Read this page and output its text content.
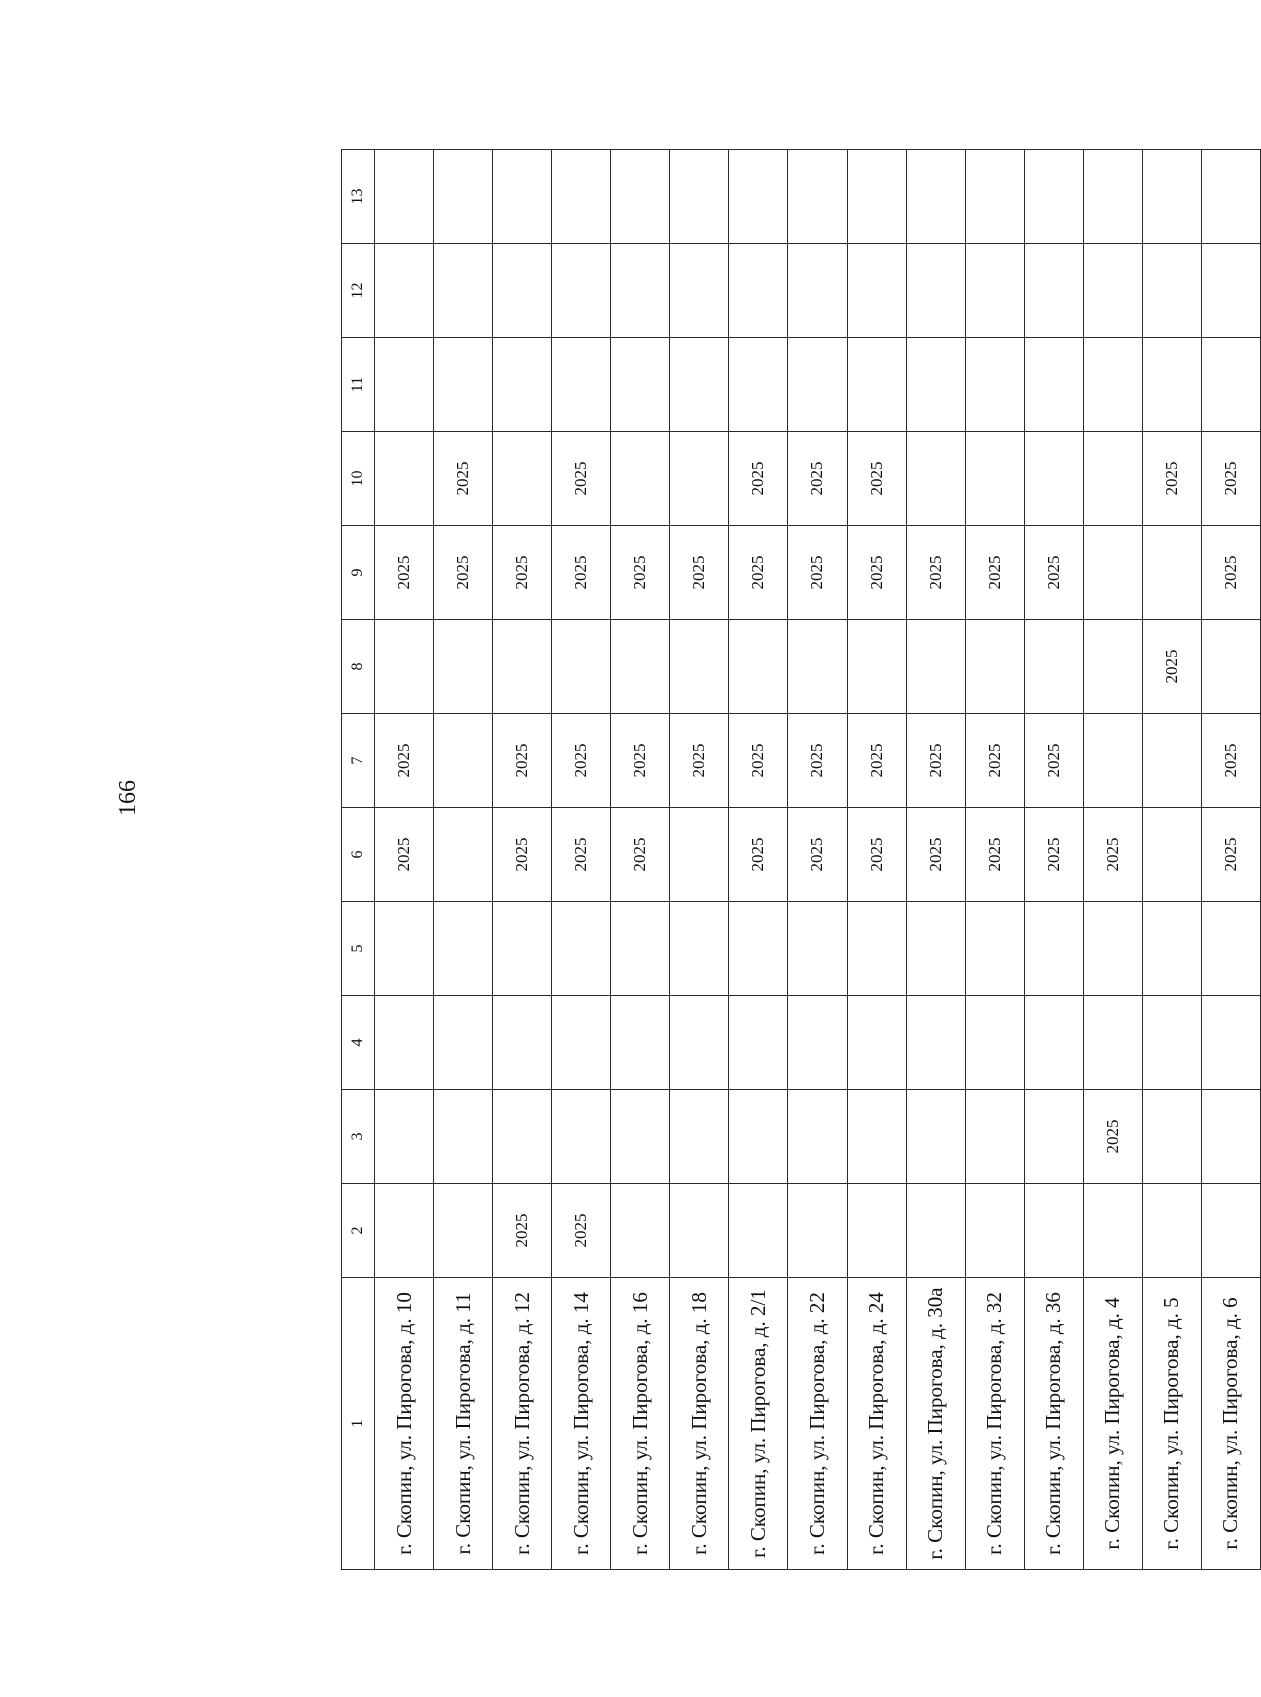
166
1	2	3	4	5	6	7	8	9	10	11	12	13
г. Скопин, ул. Пирогова, д. 10					2025	2025		2025				
г. Скопин, ул. Пирогова, д. 11								2025	2025			
г. Скопин, ул. Пирогова, д. 12	2025				2025	2025		2025				
г. Скопин, ул. Пирогова, д. 14	2025				2025	2025		2025	2025			
г. Скопин, ул. Пирогова, д. 16					2025	2025		2025				
г. Скопин, ул. Пирогова, д. 18						2025		2025				
г. Скопин, ул. Пирогова, д. 2/1					2025	2025		2025	2025			
г. Скопин, ул. Пирогова, д. 22					2025	2025		2025	2025			
г. Скопин, ул. Пирогова, д. 24					2025	2025		2025	2025			
г. Скопин, ул. Пирогова, д. 30а					2025	2025		2025				
г. Скопин, ул. Пирогова, д. 32					2025	2025		2025				
г. Скопин, ул. Пирогова, д. 36					2025	2025		2025				
г. Скопин, ул. Пирогова, д. 4		2025			2025							
г. Скопин, ул. Пирогова, д. 5							2025		2025			
г. Скопин, ул. Пирогова, д. 6					2025	2025		2025	2025			
